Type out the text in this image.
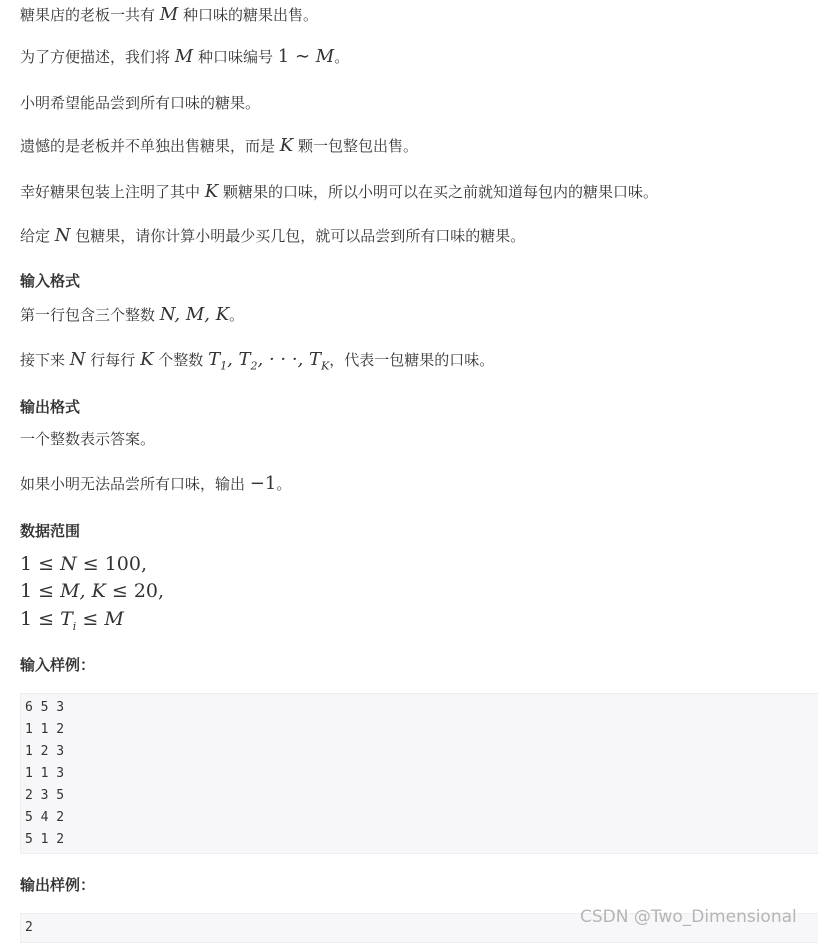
糖果店的老板一共有 M 种口味的糖果出售。
为了方便描述，我们将 M 种口味编号 1 ∼ M。
小明希望能品尝到所有口味的糖果。
遗憾的是老板并不单独出售糖果，而是 K 颗一包整包出售。
幸好糖果包装上注明了其中 K 颗糖果的口味，所以小明可以在买之前就知道每包内的糖果口味。
给定 N 包糖果，请你计算小明最少买几包，就可以品尝到所有口味的糖果。
输入格式
第一行包含三个整数 N, M, K。
接下来 N 行每行 K 个整数 $T_1$, $T_2$, · · ·, $T_K$，代表一包糖果的口味。
输出格式
一个整数表示答案。
如果小明无法品尝所有口味，输出 −1。
数据范围
1 ≤ N ≤ 100,
1 ≤ M, K ≤ 20,
$1 \le T_i \le M$
输入样例：
6 5 3
1 1 2
1 2 3
1 1 3
2 3 5
5 4 2
5 1 2
输出样例：
2
CSDN @Two_Dimensional
